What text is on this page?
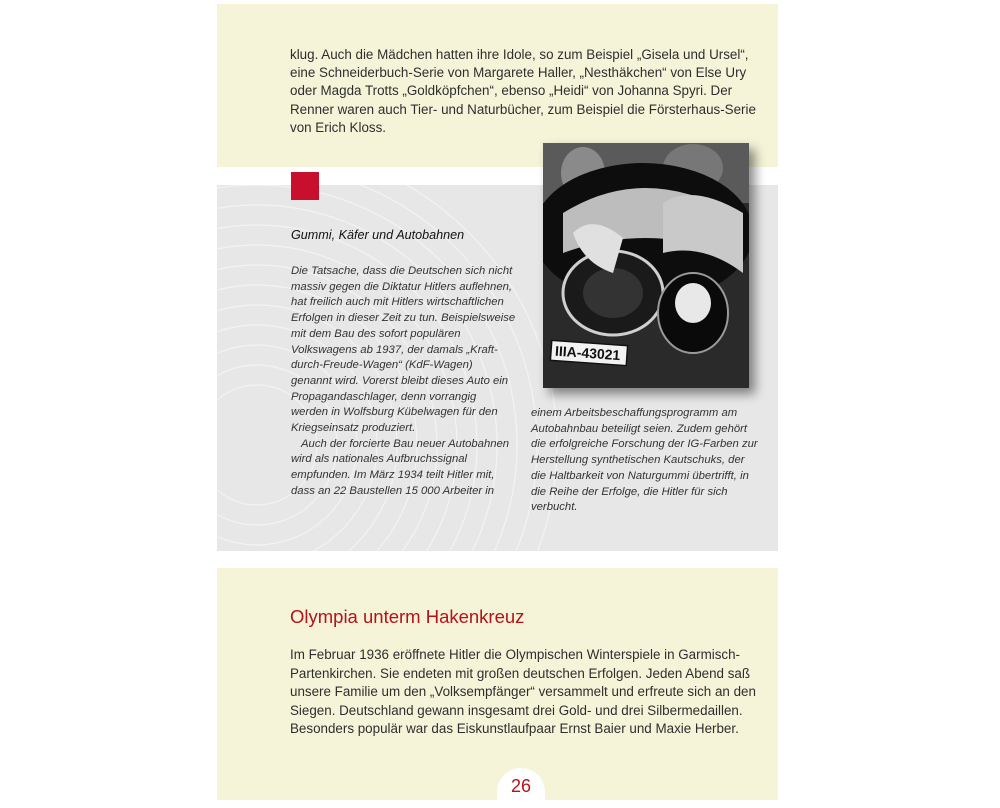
klug. Auch die Mädchen hatten ihre Idole, so zum Beispiel „Gisela und Ursel“, eine Schneiderbuch-Serie von Margarete Haller, „Nesthäkchen“ von Else Ury oder Magda Trotts „Goldköpfchen“, ebenso „Heidi“ von Johanna Spyri. Der Renner waren auch Tier- und Naturbücher, zum Beispiel die Försterhaus-Serie von Erich Kloss.
Gummi, Käfer und Autobahnen

Die Tatsache, dass die Deutschen sich nicht massiv gegen die Diktatur Hitlers auflehnen, hat freilich auch mit Hitlers wirtschaftlichen Erfolgen in dieser Zeit zu tun. Beispielsweise mit dem Bau des sofort populären Volkswagens ab 1937, der damals „Kraft-durch-Freude-Wagen“ (KdF-Wagen) genannt wird. Vorerst bleibt dieses Auto ein Propagandaschlager, denn vorrangig werden in Wolfsburg Kübelwagen für den Kriegseinsatz produziert.

Auch der forcierte Bau neuer Autobahnen wird als nationales Aufbruchssignal empfunden. Im März 1934 teilt Hitler mit, dass an 22 Baustellen 15 000 Arbeiter in

einem Arbeitsbeschaffungsprogramm am Autobahnbau beteiligt seien. Zudem gehört die erfolgreiche Forschung der IG-Farben zur Herstellung synthetischen Kautschuks, der die Haltbarkeit von Naturgummi übertrifft, in die Reihe der Erfolge, die Hitler für sich verbucht.

IIIA-43021
Olympia unterm Hakenkreuz
Im Februar 1936 eröffnete Hitler die Olympischen Winterspiele in Garmisch-Partenkirchen. Sie endeten mit großen deutschen Erfolgen. Jeden Abend saß unsere Familie um den „Volksempfänger“ versammelt und erfreute sich an den Siegen. Deutschland gewann insgesamt drei Gold- und drei Silbermedaillen. Besonders populär war das Eiskunstlaufpaar Ernst Baier und Maxie Herber.
26
